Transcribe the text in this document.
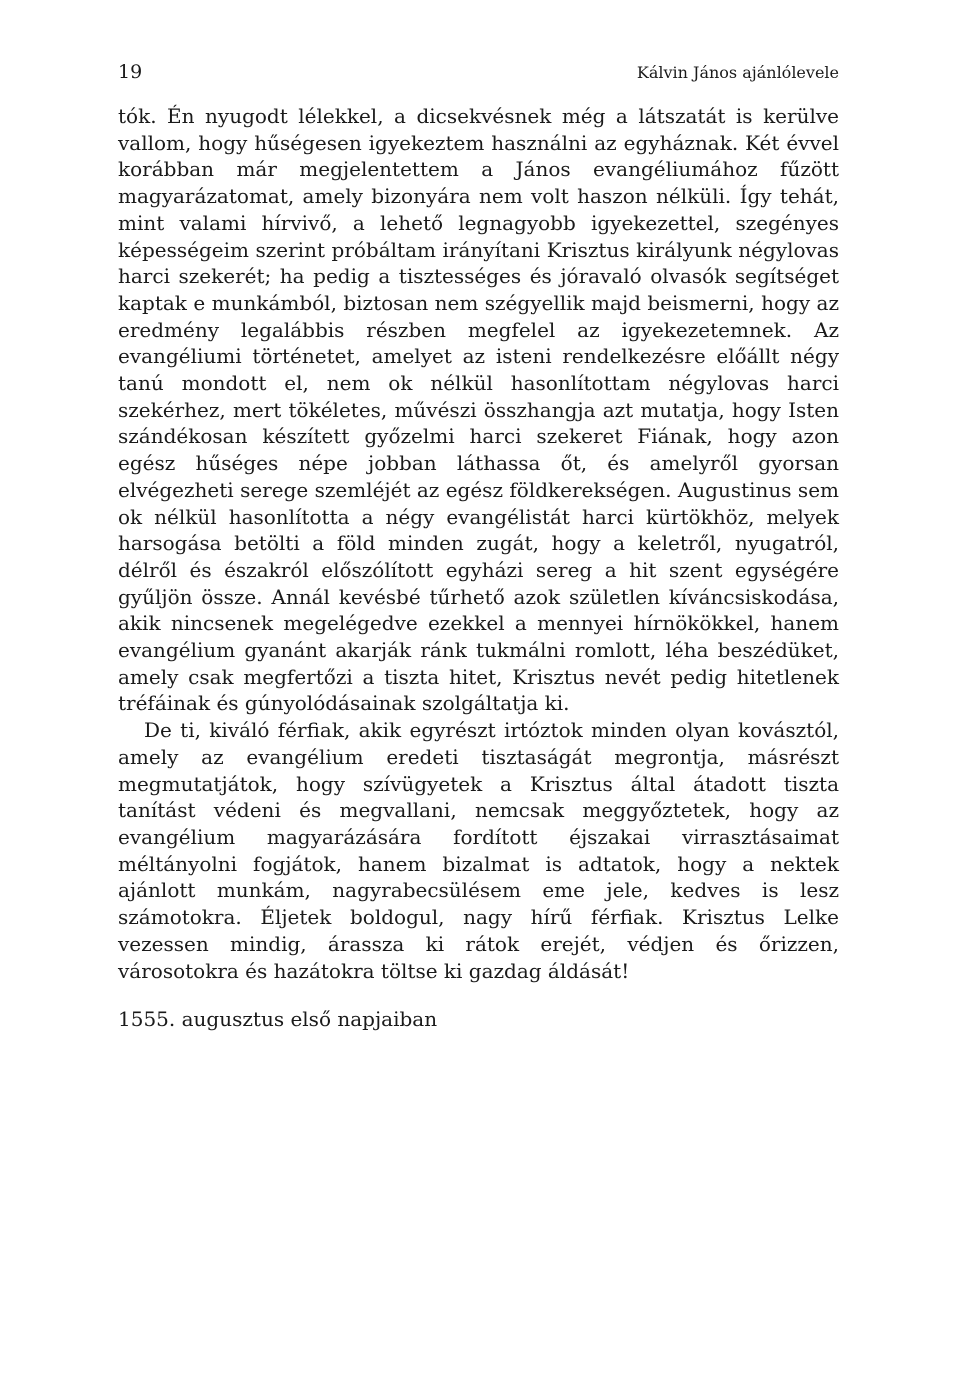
19	Kálvin János ajánlólevele

tók. Én nyugodt lélekkel, a dicsekvésnek még a látszatát is kerülve vallom, hogy hűségesen igyekeztem használni az egyháznak. Két évvel korábban már megjelentettem a János evangéliumához fűzött magyarázatomat, amely bizonyára nem volt haszon nélküli. Így tehát, mint valami hírvivő, a lehető legnagyobb igyekezettel, szegényes képességeim szerint próbáltam irányítani Krisztus királyunk négylovas harci szekerét; ha pedig a tisztességes és jóravaló olvasók segítséget kaptak e munkámból, biztosan nem szégyellik majd beismerni, hogy az eredmény legalábbis részben megfelel az igyekezetemnek. Az evangéliumi történetet, amelyet az isteni rendelkezésre előállt négy tanú mondott el, nem ok nélkül hasonlítottam négylovas harci szekérhez, mert tökéletes, művészi összhangja azt mutatja, hogy Isten szándékosan készített győzelmi harci szekeret Fiának, hogy azon egész hűséges népe jobban láthassa őt, és amelyről gyorsan elvégezheti serege szemléjét az egész földkerekségen. Augustinus sem ok nélkül hasonlította a négy evangélistát harci kürtökhöz, melyek harsogása betölti a föld minden zugát, hogy a keletről, nyugatról, délről és északról előszólított egyházi sereg a hit szent egységére gyűljön össze. Annál kevésbé tűrhető azok születlen kíváncsiskodása, akik nincsenek megelégedve ezekkel a mennyei hírnökökkel, hanem evangélium gyanánt akarják ránk tukmálni romlott, léha beszédüket, amely csak megfertőzi a tiszta hitet, Krisztus nevét pedig hitetlenek tréfáinak és gúnyolódásainak szolgáltatja ki.

De ti, kiváló férfiak, akik egyrészt irtóztok minden olyan kovásztól, amely az evangélium eredeti tisztaságát megrontja, másrészt megmutatjátok, hogy szívügyetek a Krisztus által átadott tiszta tanítást védeni és megvallani, nemcsak meggyőztetek, hogy az evangélium magyarázására fordított éjszakai virrasztásaimat méltányolni fogjátok, hanem bizalmat is adtatok, hogy a nektek ajánlott munkám, nagyrabecsülésem eme jele, kedves is lesz számotokra. Éljetek boldogul, nagy hírű férfiak. Krisztus Lelke vezessen mindig, árassza ki rátok erejét, védjen és őrizzen, városotokra és hazátokra töltse ki gazdag áldását!

1555. augusztus első napjaiban
